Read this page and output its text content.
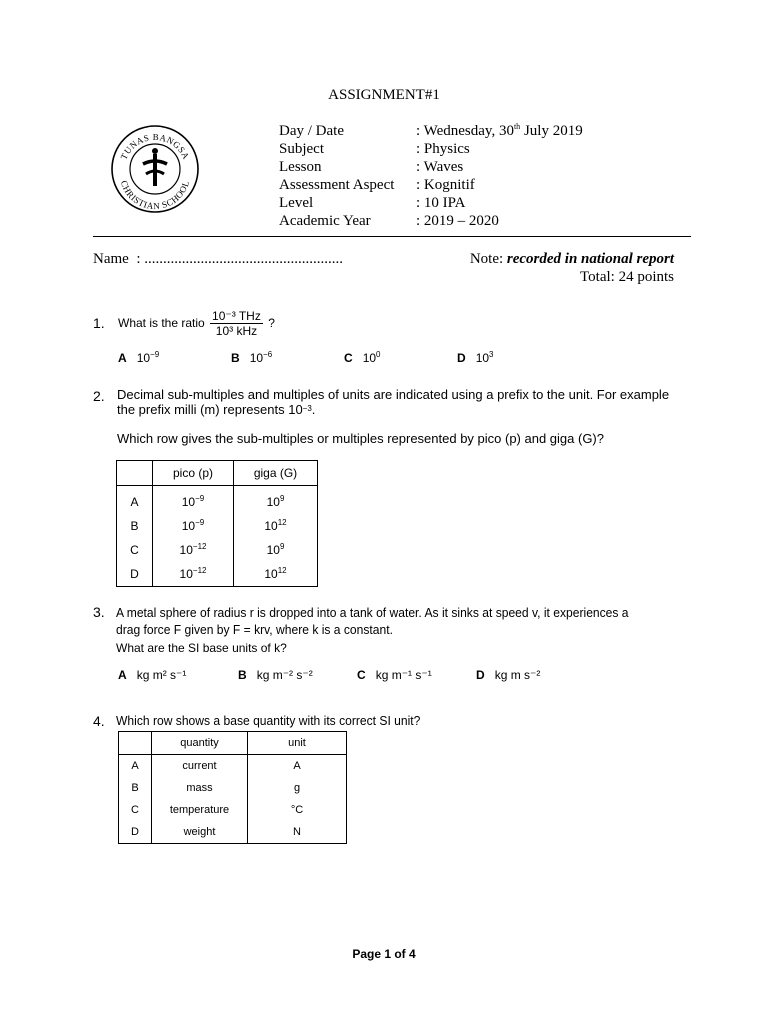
ASSIGNMENT#1
TUNAS BANGSA
CHRISTIAN SCHOOL
Day / Date	: Wednesday, 30th July 2019
Subject	: Physics
Lesson	: Waves
Assessment Aspect : Kognitif
Level	: 10 IPA
Academic Year	: 2019 – 2020
Name : .....................................................	Note: recorded in national report
Total: 24 points
1. What is the ratio $\frac{\text{10⁻³ THz}}{\text{10³ kHz}}$ ?
A $10^{-9}$	B $10^{-6}$	C $10^0$	D $10^3$
2. Decimal sub-multiples and multiples of units are indicated using a prefix to the unit. For example
the prefix milli (m) represents $10^{-3}$.
Which row gives the sub-multiples or multiples represented by pico (p) and giga (G)?
	pico (p)	giga (G)
A	$10^{-9}$	$10^9$
B	$10^{-9}$	$10^{12}$
C	$10^{-12}$	$10^9$
D	$10^{-12}$	$10^{12}$
3. A metal sphere of radius r is dropped into a tank of water. As it sinks at speed v, it experiences a
drag force F given by F = krv, where k is a constant.
What are the SI base units of k?
A kg m² s⁻¹	B kg m⁻² s⁻²	C kg m⁻¹ s⁻¹	D kg m s⁻²
4. Which row shows a base quantity with its correct SI unit?
	quantity	unit
A	current	A
B	mass	g
C	temperature	°C
D	weight	N
Page 1 of 4
